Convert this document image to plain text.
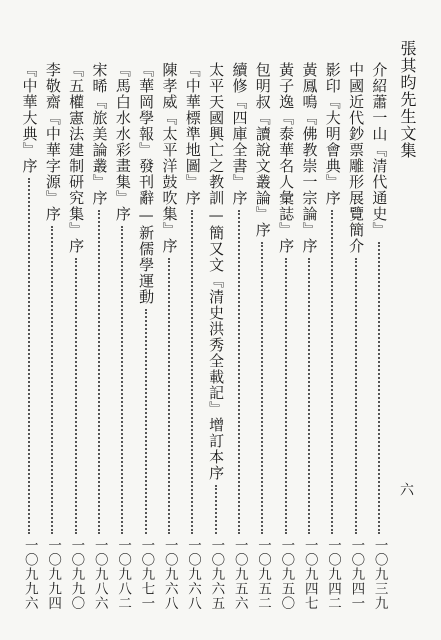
張其昀先生文集
六
介紹蕭一山『清代通史』
一〇九三九
中國近代鈔票雕形展覽簡介
一〇九四一
影印『大明會典』序
一〇九四二
黃鳳鳴『佛教崇一宗論』序
一〇九四七
黃子逸『泰華名人彙誌』序
一〇九五〇
包明叔『讀說文叢論』序
一〇九五二
續修『四庫全書』序
一〇九五六
太平天國興亡之教訓—簡又文『清史洪秀全載記』增訂本序
一〇九六五
『中華標準地圖』序
一〇九六八
陳孝威『太平洋鼓吹集』序
一〇九六八
『華岡學報』發刊辭—新儒學運動
一〇九七一
『馬白水水彩畫集』序
一〇九八二
宋晞『旅美論叢』序
一〇九八六
『五權憲法建制研究集』序
一〇九九〇
李敬齋『中華字源』序
一〇九九四
『中華大典』序
一〇九九六
